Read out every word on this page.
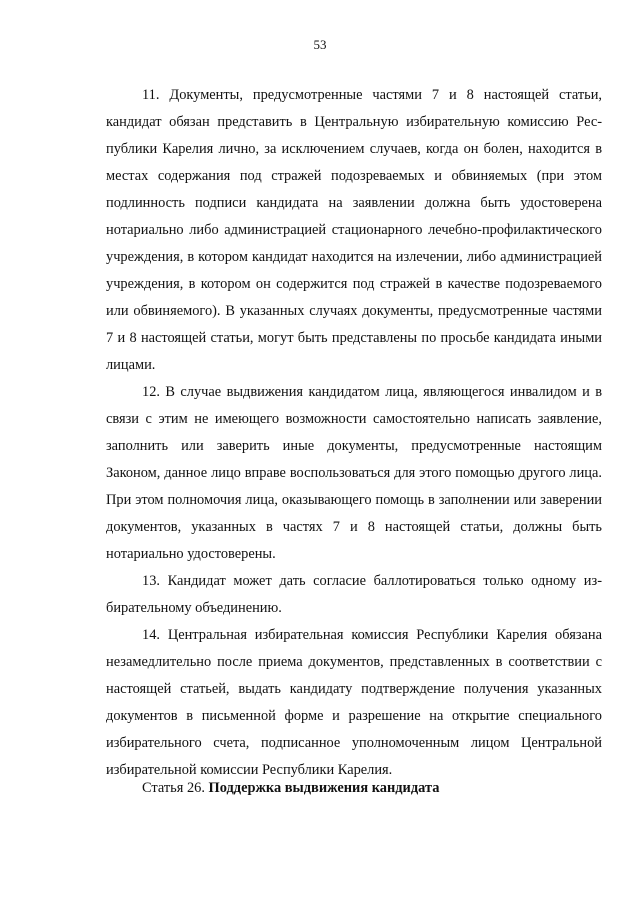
53

11. Документы, предусмотренные частями 7 и 8 настоящей статьи, кандидат обязан представить в Центральную избирательную комиссию Республики Карелия лично, за исключением случаев, когда он болен, находится в местах содержания под стражей подозреваемых и обвиняемых (при этом подлинность подписи кандидата на заявлении должна быть удостоверена нотариально либо администрацией стационарного лечебно-профилактического учреждения, в котором кандидат находится на излечении, либо администрацией учреждения, в котором он содержится под стражей в качестве подозреваемого или обвиняемого). В указанных случаях документы, предусмотренные частями 7 и 8 настоящей статьи, могут быть представлены по просьбе кандидата иными лицами.

12. В случае выдвижения кандидатом лица, являющегося инвалидом и в связи с этим не имеющего возможности самостоятельно написать заявление, заполнить или заверить иные документы, предусмотренные настоящим Законом, данное лицо вправе воспользоваться для этого помощью другого лица. При этом полномочия лица, оказывающего помощь в заполнении или заверении документов, указанных в частях 7 и 8 настоящей статьи, должны быть нотариально удостоверены.

13. Кандидат может дать согласие баллотироваться только одному избирательному объединению.

14. Центральная избирательная комиссия Республики Карелия обязана незамедлительно после приема документов, представленных в соответствии с настоящей статьей, выдать кандидату подтверждение получения указанных документов в письменной форме и разрешение на открытие специального избирательного счета, подписанное уполномоченным лицом Центральной избирательной комиссии Республики Карелия.

Статья 26. Поддержка выдвижения кандидата
